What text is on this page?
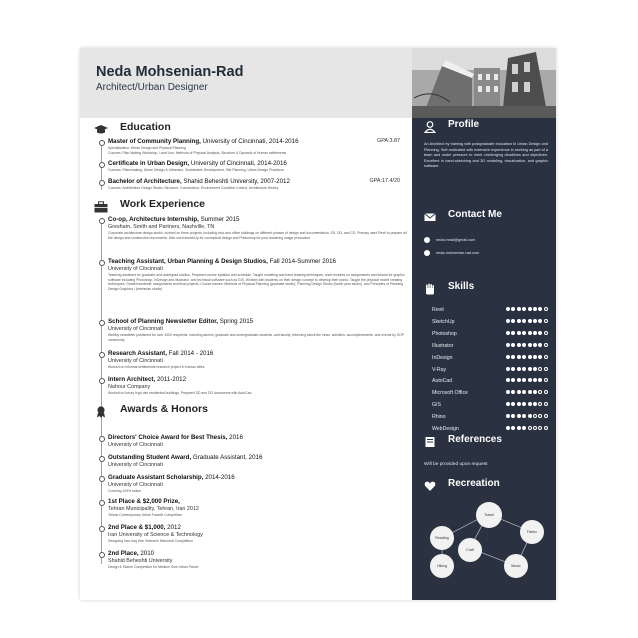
Neda Mohsenian-Rad
Architect/Urban Designer
Education
Master of Community Planning, University of Cincinnati, 2014-2016	GPA:3.87
Specialization: Urban Design and Physical Planning
Courses: Plan Making Workshop, Land Use, Methods of Physical Analysis, Structure & Dynamic of Human settlements
Certificate in Urban Design, University of Cincinnati, 2014-2016
Courses: Placemaking, Urban Design & Urbanism, Sustainable Development, Site Planning, Urban Design Practicum
Bachelor of Architecture, Shahid Beheshti University, 2007-2012	GPA:17.4/20
Courses: Architecture Design Studio, Structure, Construction, Environment Condition Control, Architecture History
Work Experience
Co-op, Architecture Internship, Summer 2015
Gresham, Smith and Partners, Nashville, TN
Corporate architecture design studio, worked on three projects, including civic and office buildings on different phases of design and documentation, SD, DD, and CD. Primary used Revit to prepare all the design and construction documents. Also used sketchUp for conceptual design and Photoshop for post rendering image production.
Teaching Assistant, Urban Planning & Design Studios, Fall 2014-Summer 2016
University of Cincinnati
Teaching assistant for graduate and undergrad studios. Prepared course syllabus and schedule. Taught modeling and hand drawing techniques, short lectures on assignments and tutorial for graphic software including Photoshop, InDesign and Illustrator, and technical software such as GIS. Worked with students on their design concept to develop their works. Taught the physical model creating techniques. Graded students' assignments and final projects. Course names: Methods of Physical Planning (graduate studio), Planning Design Studio (fourth year studio), and Principles of Planning Design Graphics I (freshman studio)
School of Planning Newsletter Editor, Spring 2015
University of Cincinnati
Weekly newsletter published for over 1000 recipients, including alumni, graduate and undergraduate students, and faculty, informing about the news, activities, accomplishments, and events by SOP community.
Research Assistant, Fall 2014 - 2016
University of Cincinnati
Worked on informal settlements research project in Iranian cities
Intern Architect, 2011-2012
Nahour Company
Worked on luxury high-rise residential buildings. Prepared SD and DD documents with AutoCad.
Awards & Honors
Directors' Choice Award for Best Thesis, 2016
University of Cincinnati
Outstanding Student Award, Graduate Assistant, 2016
University of Cincinnati
Graduate Assistant Scholarship, 2014-2016
University of Cincinnati
Covering 100% tuition
1st Place & $2,000 Prize,
Tehran Municipality, Tehran, Iran 2012
Tehran Contemporary Urban Facade Competition
2nd Place & $1,000, 2012
Iran University of Science & Technology
Designing Iran-Iraq War Veteran's Memorial Competition
2nd Place, 2010
Shahid Beheshti University
Design & Sketch Competition for Medium Size Urban Parcel
Profile
An Architect by training with postgraduate education in Urban Design and Planning. Self-motivated with extensive experience in working as part of a team and under pressure to meet challenging deadlines and objectives. Excellent in hand-sketching and 3D modeling, visualization, and graphic software.
Contact Me
neda.mrad@gmail.com
neda-mohsenian-rad.com
Skills
Revit
SketchUp
Photoshop
Illustrator
InDesign
V-Ray
AutoCad
Microsoft Office
GIS
Rhino
WebDesign
References
Will be provided upon request
Recreation
Travel
Reading
Fabric
Craft
Hiking	Music
